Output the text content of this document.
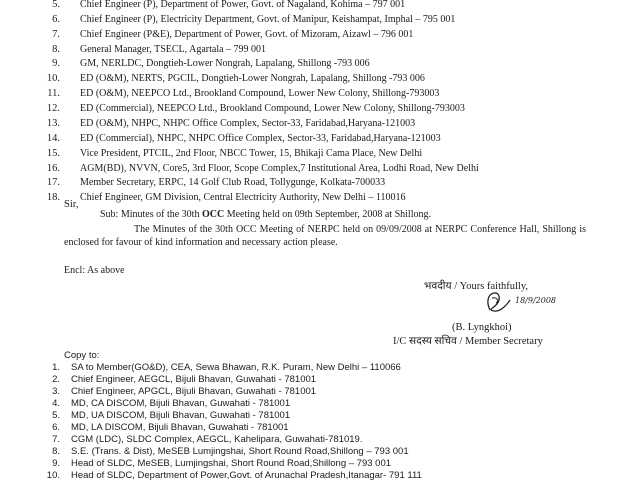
5. Chief Engineer (P), Department of Power, Govt. of Nagaland, Kohima – 797 001
6. Chief Engineer (P), Electricity Department, Govt. of Manipur, Keishampat, Imphal – 795 001
7. Chief Engineer (P&E), Department of Power, Govt. of Mizoram, Aizawl – 796 001
8. General Manager, TSECL, Agartala – 799 001
9. GM, NERLDC, Dongtieh-Lower Nongrah, Lapalang, Shillong -793 006
10. ED (O&M), NERTS, PGCIL, Dongtieh-Lower Nongrah, Lapalang, Shillong -793 006
11. ED (O&M), NEEPCO Ltd., Brookland Compound, Lower New Colony, Shillong-793003
12. ED (Commercial), NEEPCO Ltd., Brookland Compound, Lower New Colony, Shillong-793003
13. ED (O&M), NHPC, NHPC Office Complex, Sector-33, Faridabad,Haryana-121003
14. ED (Commercial), NHPC, NHPC Office Complex, Sector-33, Faridabad,Haryana-121003
15. Vice President, PTCIL, 2nd Floor, NBCC Tower, 15, Bhikaji Cama Place, New Delhi
16. AGM(BD), NVVN, Core5, 3rd Floor, Scope Complex,7 Institutional Area, Lodhi Road, New Delhi
17. Member Secretary, ERPC, 14 Golf Club Road, Tollygunge, Kolkata-700033
18. Chief Engineer, GM Division, Central Electricity Authority, New Delhi – 110016
Sir,
Sub: Minutes of the 30th OCC Meeting held on 09th September, 2008 at Shillong.
The Minutes of the 30th OCC Meeting of NERPC held on 09/09/2008 at NERPC Conference Hall, Shillong is enclosed for favour of kind information and necessary action please.
Encl: As above
भवदीय / Yours faithfully,
18/9/2008
(B. Lyngkhoi)
I/C सदस्य सचिव / Member Secretary
Copy to:
1. SA to Member(GO&D), CEA, Sewa Bhawan, R.K. Puram, New Delhi – 110066
2. Chief Engineer, AEGCL, Bijuli Bhavan, Guwahati - 781001
3. Chief Engineer, APGCL, Bijuli Bhavan, Guwahati - 781001
4. MD, CA DISCOM, Bijuli Bhavan, Guwahati - 781001
5. MD, UA DISCOM, Bijuli Bhavan, Guwahati - 781001
6. MD, LA DISCOM, Bijuli Bhavan, Guwahati - 781001
7. CGM (LDC), SLDC Complex, AEGCL, Kahelipara, Guwahati-781019.
8. S.E. (Trans. & Dist), MeSEB Lumjingshai, Short Round Road,Shillong – 793 001
9. Head of SLDC, MeSEB, Lumjingshai, Short Round Road,Shillong – 793 001
10. Head of SLDC, Department of Power,Govt. of Arunachal Pradesh,Itanagar- 791 111
